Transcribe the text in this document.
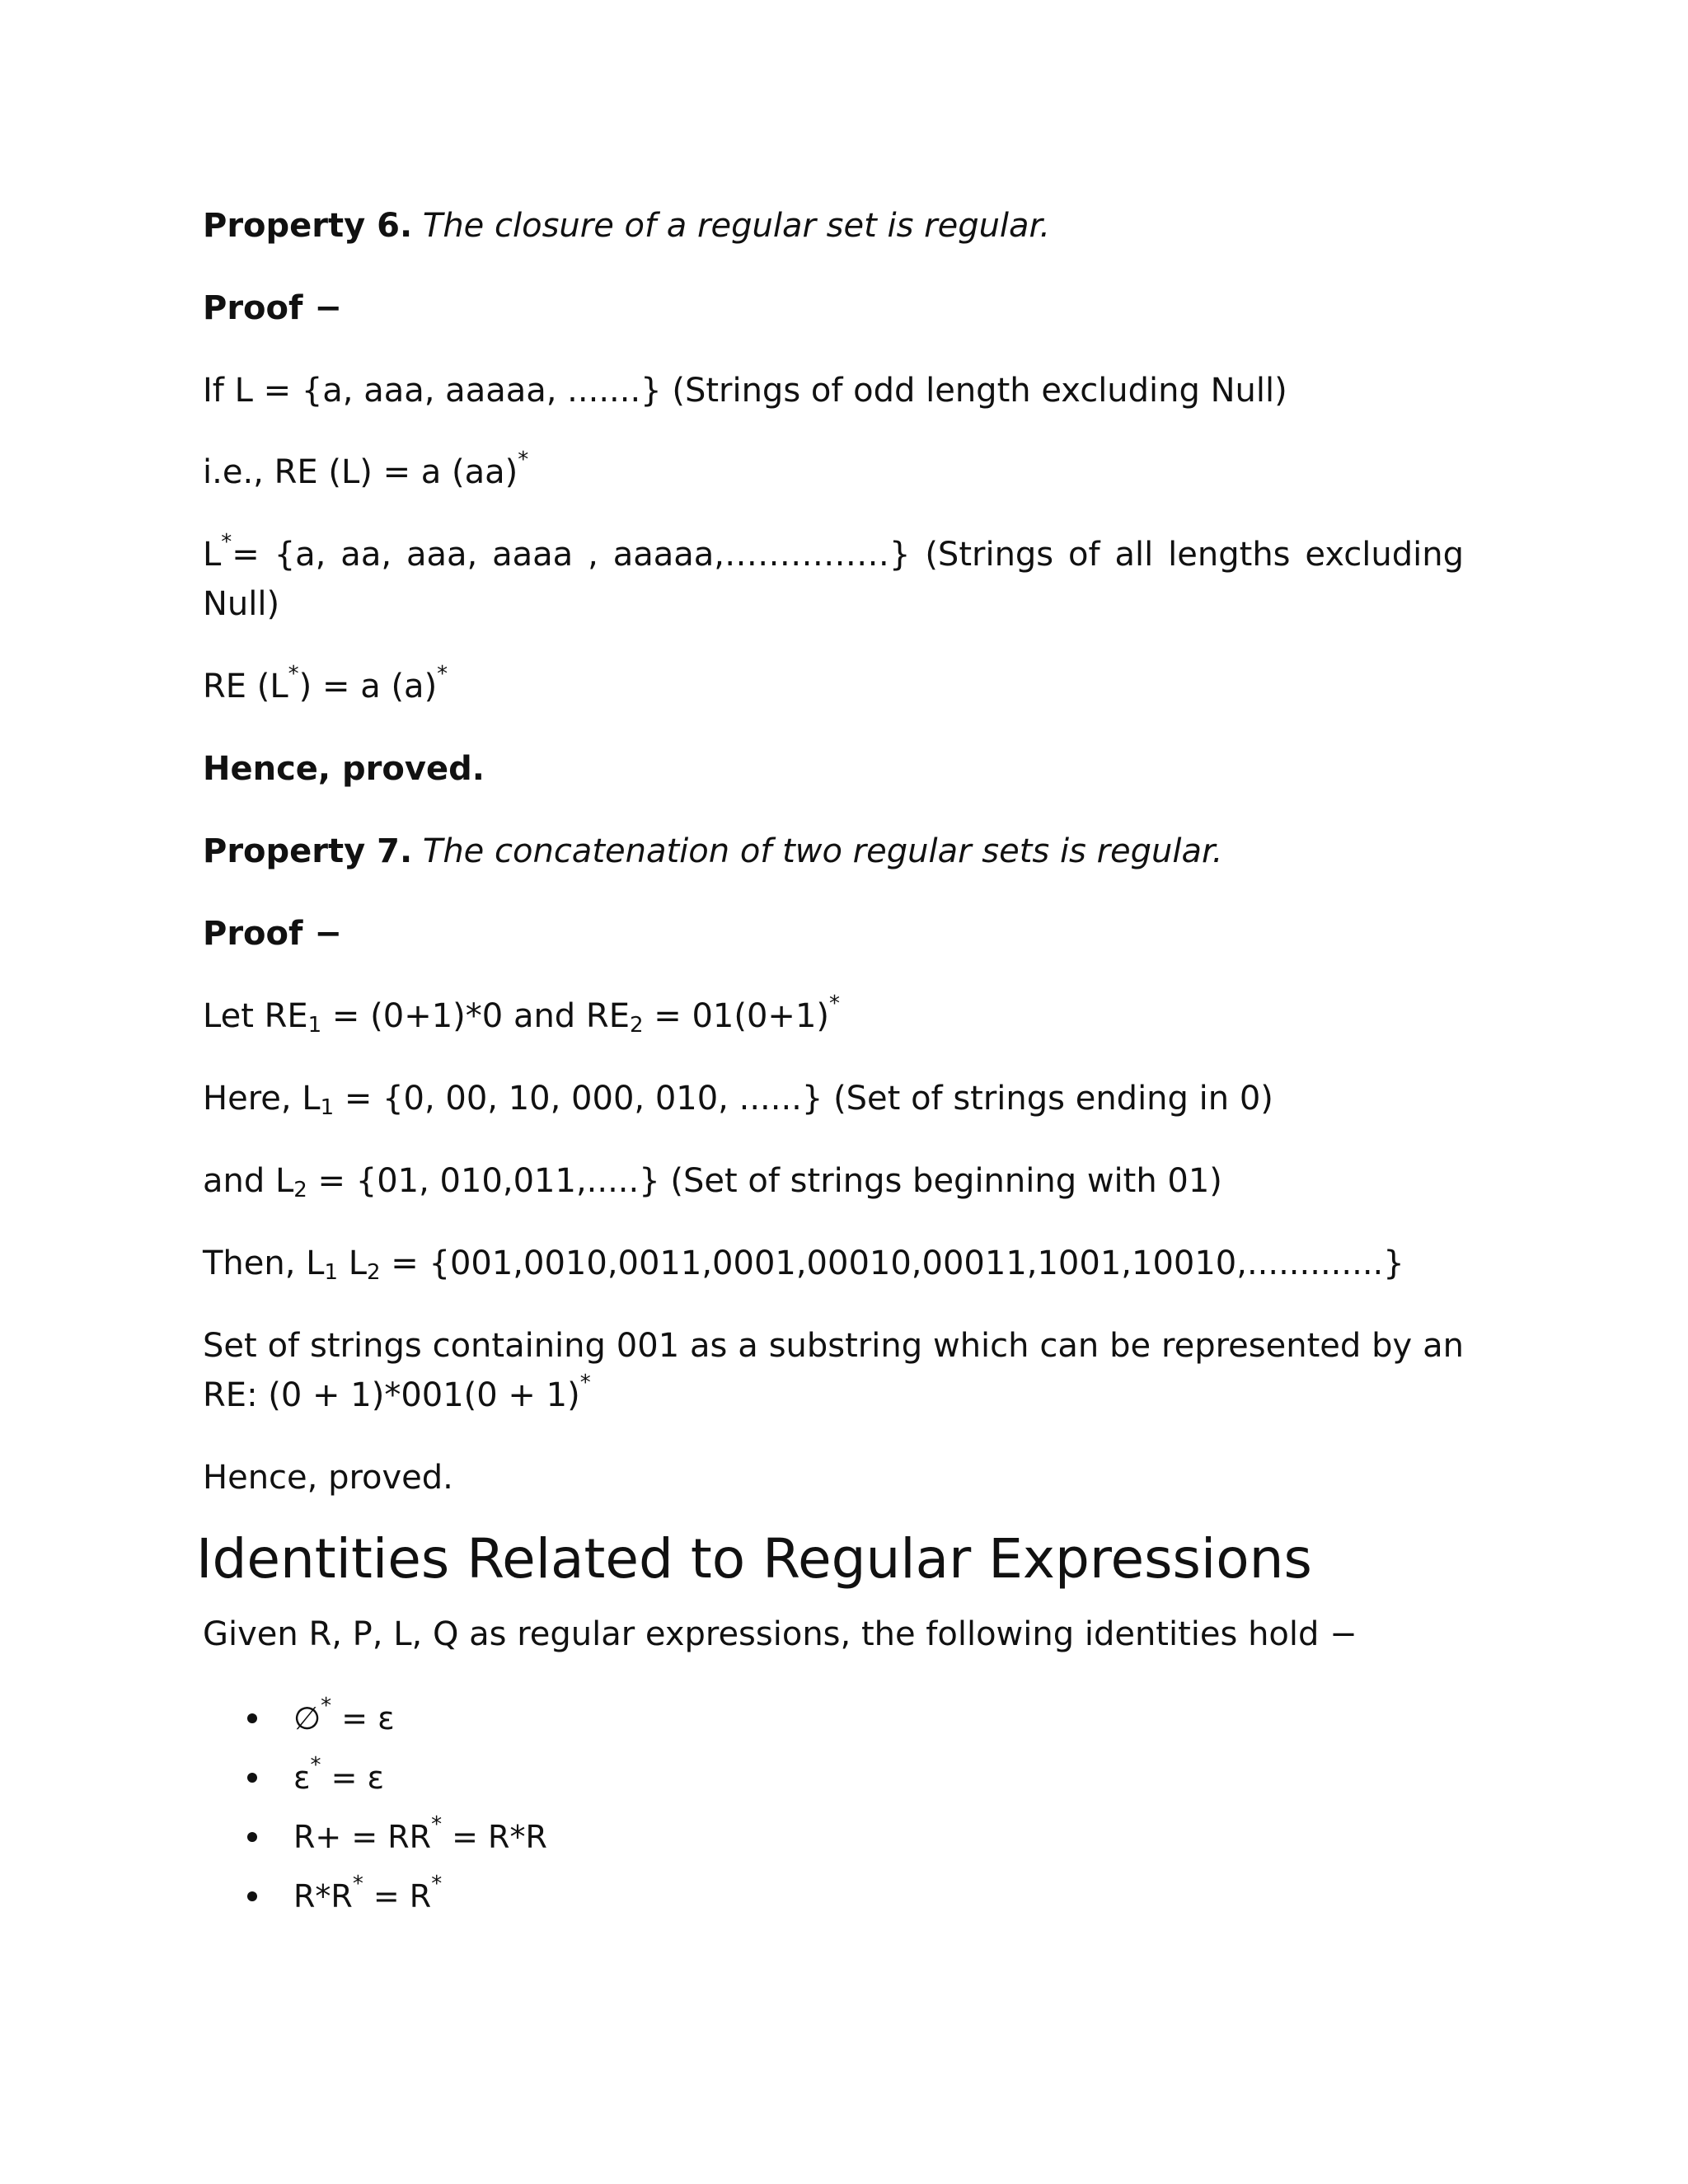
Property 6. The closure of a regular set is regular.

Proof −

If L = {a, aaa, aaaaa, .......} (Strings of odd length excluding Null)

i.e., RE (L) = a (aa)*

L*= {a, aa, aaa, aaaa , aaaaa,……………} (Strings of all lengths excluding

Null)

RE (L*) = a (a)*

Hence, proved.

Property 7. The concatenation of two regular sets is regular.

Proof −

Let $RE_1 = (0+1)*0$ and $RE_2 = 01(0+1)^*$

Here, $L_1 = \{0$, 00, 10, 000, 010, ......} (Set of strings ending in 0)

and $L_2 = \{01$, 010,011,.....} (Set of strings beginning with 01)

Then, $L_1$ $L_2 = \{001,0010,0011,0001,00010,00011,1001,10010,.............\}$

Set of strings containing 001 as a substring which can be represented by an

RE: (0 + 1)*001(0 + 1)*

Hence, proved.

Identities Related to Regular Expressions

Given R, P, L, Q as regular expressions, the following identities hold −

∅* = ε
ε* = ε
R+ = RR* = R*R
R*R* = R*
